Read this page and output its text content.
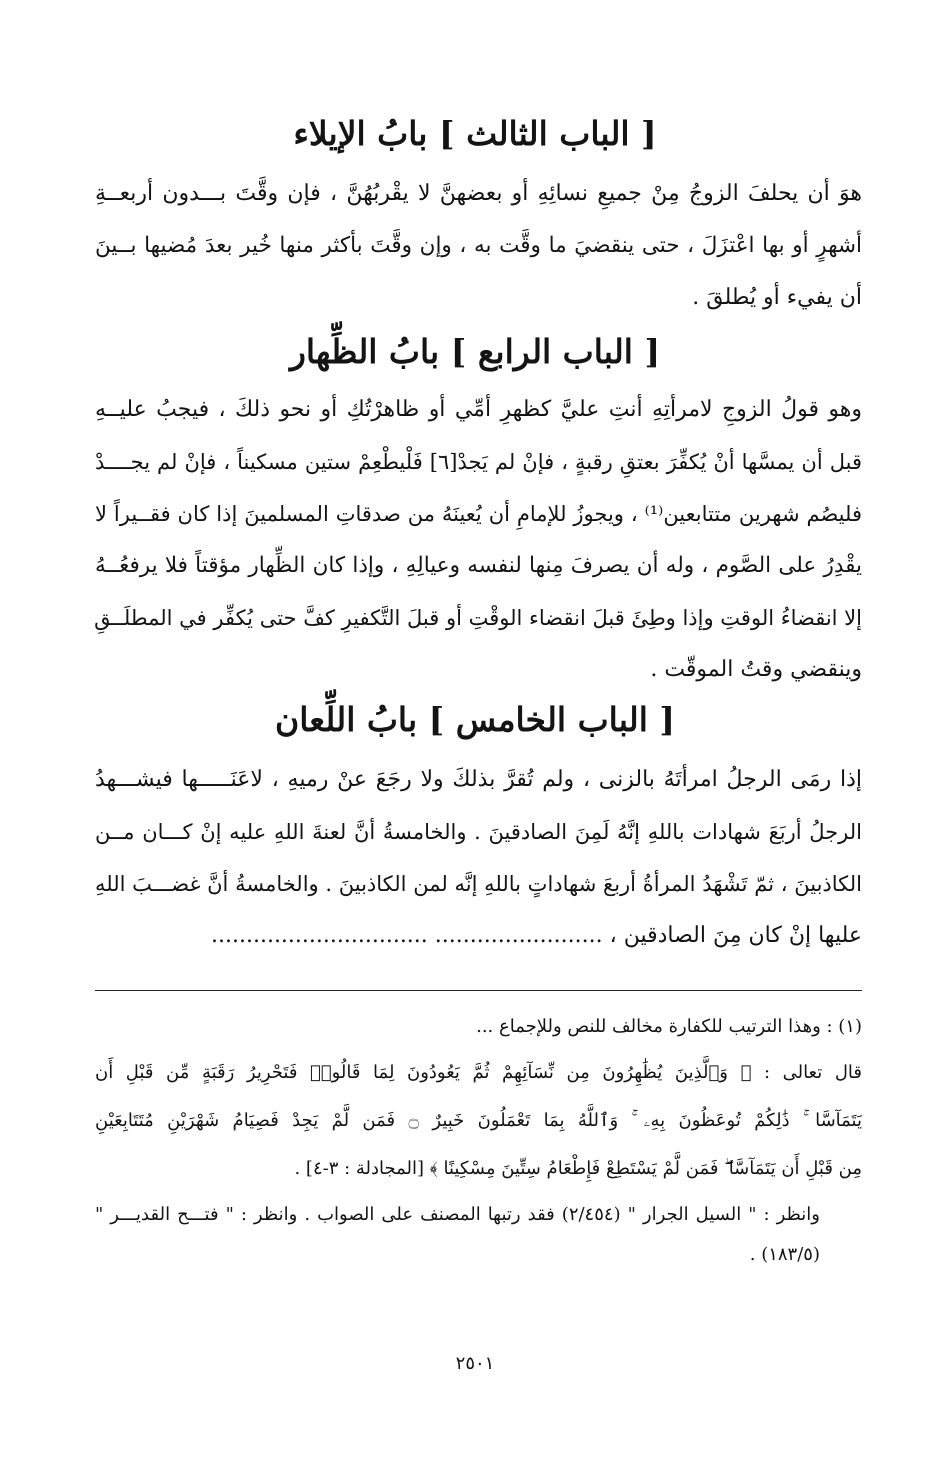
[ الباب الثالث ] بابُ الإيلاء
هوَ أن يحلفَ الزوجُ مِنْ جميعِ نسائِهِ أو بعضهنَّ لا يقْربُهُنَّ ، فإن وقَّتَ بـــدون أربعــةِ
أشهرٍ أو بها اعْتزَلَ ، حتى ينقضيَ ما وقَّت به ، وإن وقَّتَ بأكثر منها خُير بعدَ مُضيها بــينَ
أن يفيء أو يُطلقَ .
[ الباب الرابع ] بابُ الظِّهار
وهو قولُ الزوجِ لامرأتِهِ أنتِ عليَّ كظهرِ أمِّي أو ظاهرْتُكِ أو نحو ذلكَ ، فيجبُ عليــهِ
قبل أن يمسَّها أنْ يُكفِّرَ بعتقِ رقبةٍ ، فإنْ لم يَجدْ[٦] فَلْيطْعِمْ ستين مسكيناً ، فإنْ لم يجــــدْ
فليصُم شهرين متتابعين⁽¹⁾ ، ويجوزُ للإمامِ أن يُعينَهُ من صدقاتِ المسلمينَ إذا كان فقــيراً لا
يقْدِرُ على الصَّوم ، وله أن يصرفَ مِنها لنفسه وعيالِهِ ، وإذا كان الظِّهار مؤقتاً فلا يرفعُــهُ
إلا انقضاءُ الوقتِ وإذا وطِئَ قبلَ انقضاء الوقْتِ أو قبلَ التَّكفيرِ كفَّ حتى يُكفِّر في المطلَــقِ
وينقضي وقتُ الموقّت .
[ الباب الخامس ] بابُ اللِّعان
إذا رمَى الرجلُ امرأتَهُ بالزنى ، ولم تُقرَّ بذلكَ ولا رجَعَ عنْ رميهِ ، لاعَنَـــــها فيشـــهدُ
الرجلُ أربَعَ شهادات باللهِ إنَّهُ لَمِنَ الصادقينَ . والخامسةُ أنَّ لعنةَ اللهِ عليه إنْ كـــان مــن
الكاذبينَ ، ثمّ تَشْهَدُ المرأةُ أربعَ شهاداتٍ باللهِ إنَّه لمن الكاذبينَ . والخامسةُ أنَّ غضـــبَ اللهِ
عليها إنْ كان مِنَ الصادقين ، ........................ ...............................
(١) : وهذا الترتيب للكفارة مخالف للنص وللإجماع ...
قال تعالى : ﴿ وَٱلَّذِينَ يُظَٰهِرُونَ مِن نِّسَآئِهِمْ ثُمَّ يَعُودُونَ لِمَا قَالُوا۟ فَتَحْرِيرُ رَقَبَةٍ مِّن قَبْلِ أَن
يَتَمَآسَّا ۚ ذَٰلِكُمْ تُوعَظُونَ بِهِۦ ۚ وَٱللَّهُ بِمَا تَعْمَلُونَ خَبِيرٌ ۝ فَمَن لَّمْ يَجِدْ فَصِيَامُ شَهْرَيْنِ مُتَتَابِعَيْنِ
مِن قَبْلِ أَن يَتَمَآسَّا ۖ فَمَن لَّمْ يَسْتَطِعْ فَإِطْعَامُ سِتِّينَ مِسْكِينًا ﴾ [المجادلة : ٣-٤] .
وانظر : " السيل الجرار " (٢/٤٥٤) فقد رتبها المصنف على الصواب . وانظر : " فتـــح القديـــر "
(١٨٣/٥) .
٢٥٠١
